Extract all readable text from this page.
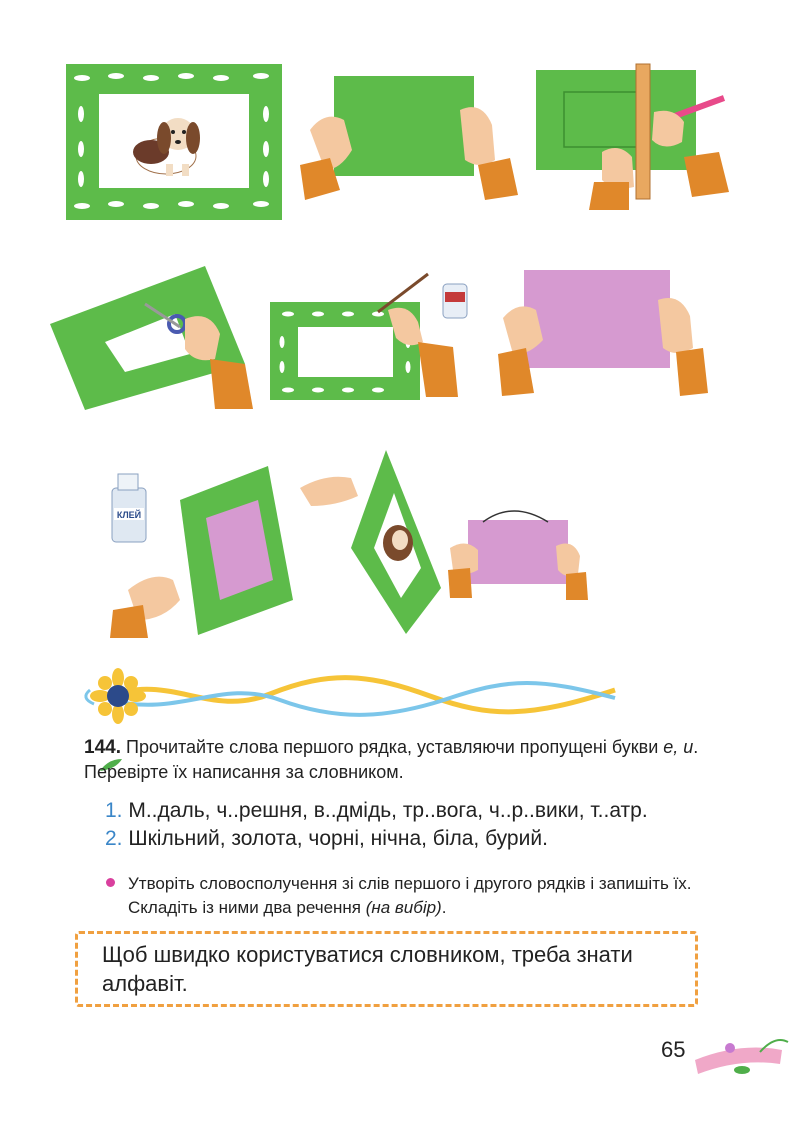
КЛЕЙ
144. Прочитайте слова першого рядка, уставляючи пропущені букви е, и. Перевірте їх написання за словником.
1. М..даль, ч..решня, в..дмідь, тр..вога, ч..р..вики, т..атр.
2. Шкільний, золота, чорні, нічна, біла, бурий.
Утворіть словосполучення зі слів першого і другого рядків і запишіть їх. Складіть із ними два речення (на вибір).
Щоб швидко користуватися словником, треба знати алфавіт.
65
